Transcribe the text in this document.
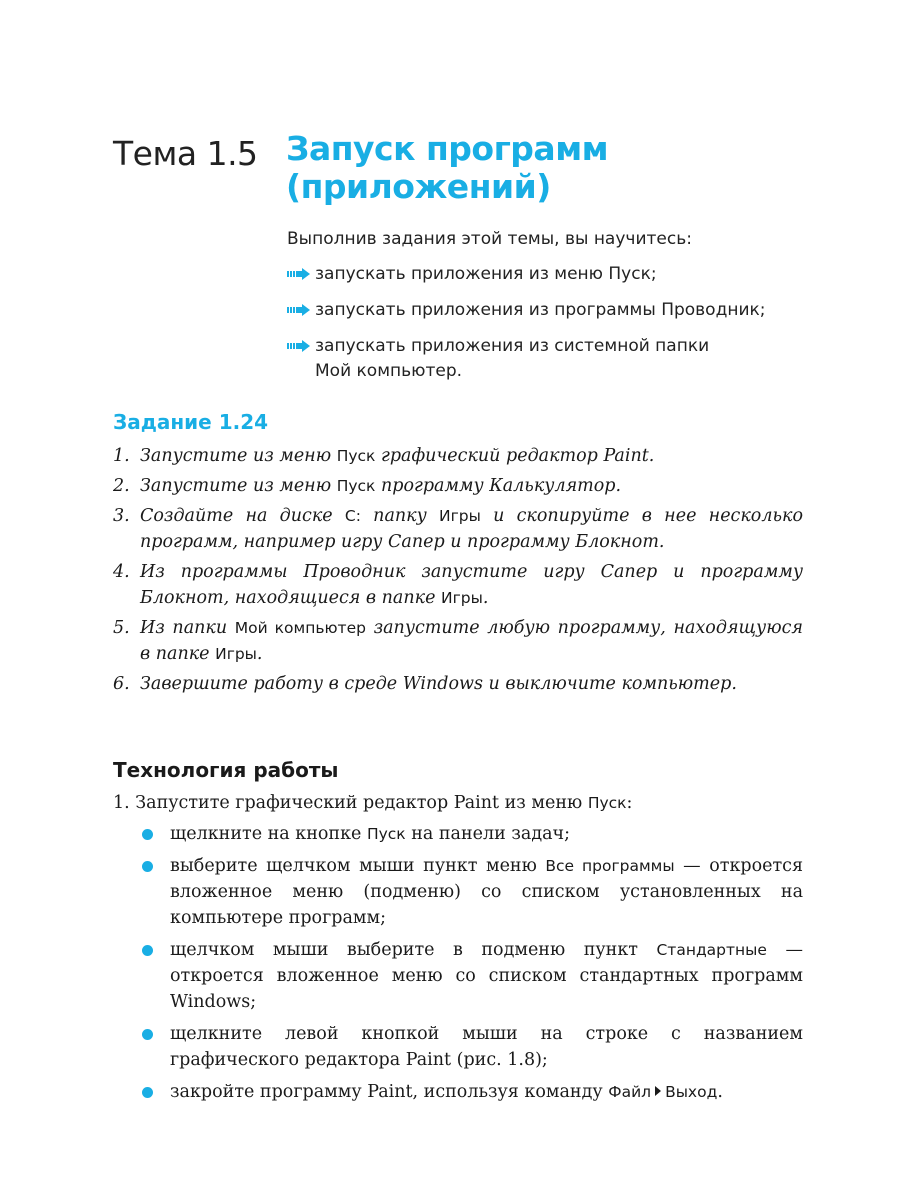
Тема 1.5 Запуск программ
(приложений)

Выполнив задания этой темы, вы научитесь:

запускать приложения из меню Пуск;
запускать приложения из программы Проводник;
запускать приложения из системной папки
Мой компьютер.
Задание 1.24
1. Запустите из меню Пуск графический редактор Paint.
2. Запустите из меню Пуск программу Калькулятор.
3. Создайте на диске С: папку Игры и скопируйте в нее несколько программ, например игру Сапер и программу Блокнот.
4. Из программы Проводник запустите игру Сапер и программу Блокнот, находящиеся в папке Игры.
5. Из папки Мой компьютер запустите любую программу, находящуюся в папке Игры.
6. Завершите работу в среде Windows и выключите компьютер.
Технология работы
1. Запустите графический редактор Paint из меню Пуск:
щелкните на кнопке Пуск на панели задач;
выберите щелчком мыши пункт меню Все программы — откроется вложенное меню (подменю) со списком установленных на компьютере программ;
щелчком мыши выберите в подменю пункт Стандартные — откроется вложенное меню со списком стандартных программ Windows;
щелкните левой кнопкой мыши на строке с названием графического редактора Paint (рис. 1.8);
закройте программу Paint, используя команду Файл Выход.
